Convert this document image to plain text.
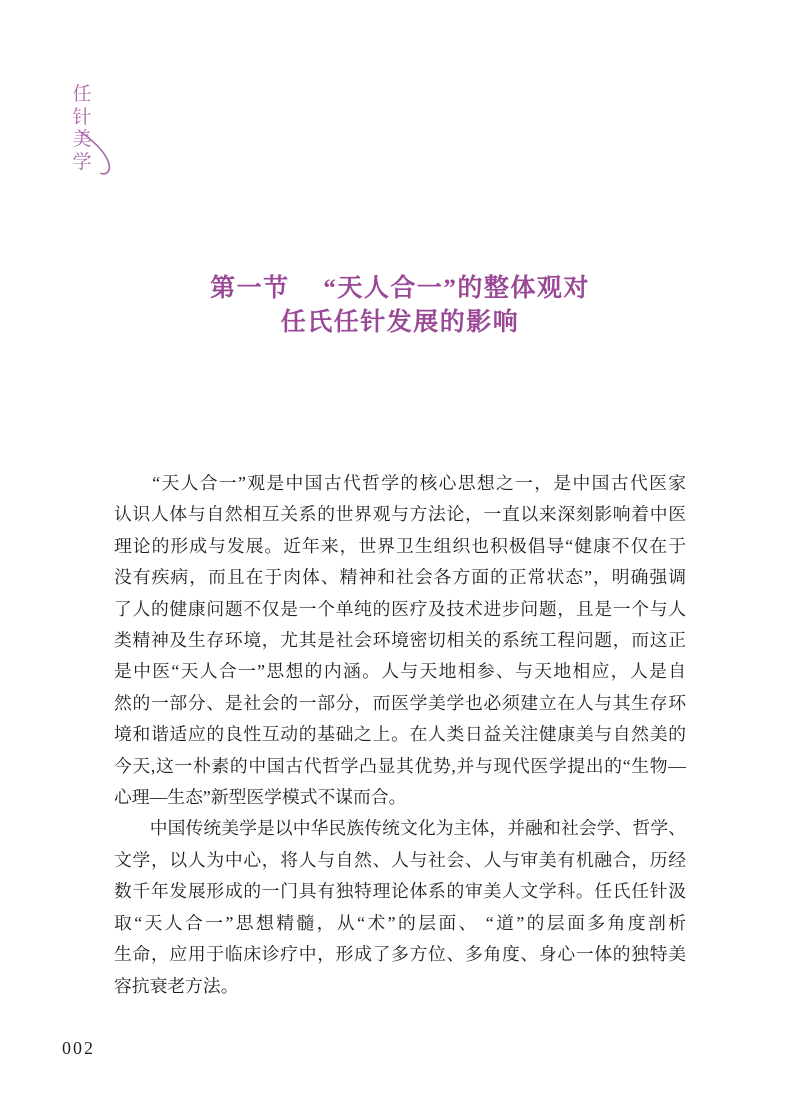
任
针
美
学
第一节 “天人合一”的整体观对
任氏任针发展的影响
　　“天人合一”观是中国古代哲学的核心思想之一，是中国古代医家
认识人体与自然相互关系的世界观与方法论，一直以来深刻影响着中医
理论的形成与发展。近年来，世界卫生组织也积极倡导“健康不仅在于
没有疾病，而且在于肉体、精神和社会各方面的正常状态”，明确强调
了人的健康问题不仅是一个单纯的医疗及技术进步问题，且是一个与人
类精神及生存环境，尤其是社会环境密切相关的系统工程问题，而这正
是中医“天人合一”思想的内涵。人与天地相参、与天地相应，人是自
然的一部分、是社会的一部分，而医学美学也必须建立在人与其生存环
境和谐适应的良性互动的基础之上。在人类日益关注健康美与自然美的
今天,这一朴素的中国古代哲学凸显其优势,并与现代医学提出的“生物—
心理—生态”新型医学模式不谋而合。
　　中国传统美学是以中华民族传统文化为主体，并融和社会学、哲学、
文学，以人为中心，将人与自然、人与社会、人与审美有机融合，历经
数千年发展形成的一门具有独特理论体系的审美人文学科。任氏任针汲
取“天人合一”思想精髓，从“术”的层面、 “道”的层面多角度剖析
生命，应用于临床诊疗中，形成了多方位、多角度、身心一体的独特美
容抗衰老方法。
002
